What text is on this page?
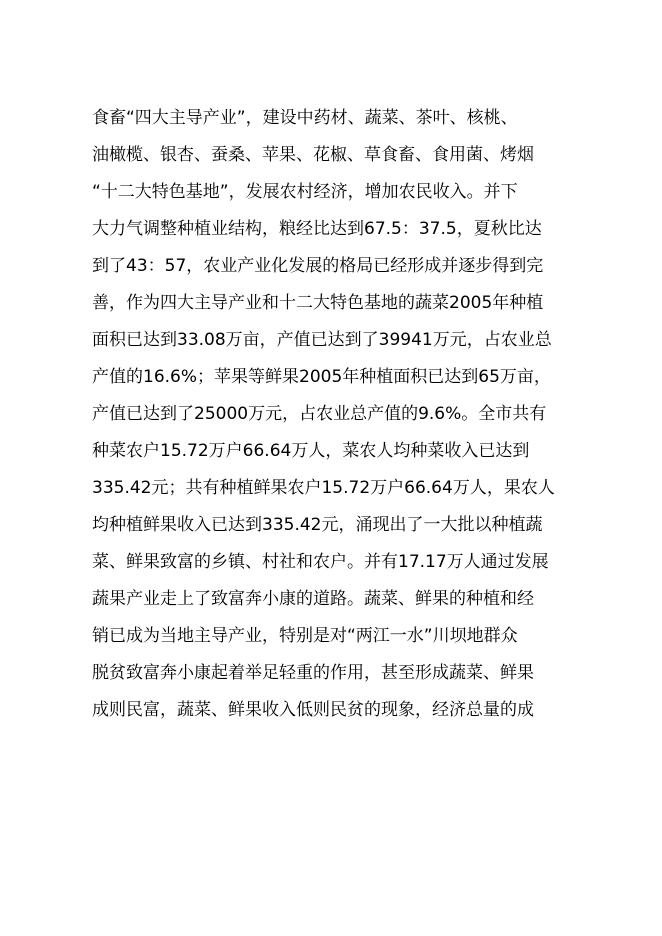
食畜“四大主导产业”，建设中药材、蔬菜、茶叶、核桃、
油橄榄、银杏、蚕桑、苹果、花椒、草食畜、食用菌、烤烟
“十二大特色基地”，发展农村经济，增加农民收入。并下
大力气调整种植业结构，粮经比达到67.5：37.5，夏秋比达
到了43：57，农业产业化发展的格局已经形成并逐步得到完
善，作为四大主导产业和十二大特色基地的蔬菜2005年种植
面积已达到33.08万亩，产值已达到了39941万元，占农业总
产值的16.6%；苹果等鲜果2005年种植面积已达到65万亩，
产值已达到了25000万元，占农业总产值的9.6%。全市共有
种菜农户15.72万户66.64万人，菜农人均种菜收入已达到
335.42元；共有种植鲜果农户15.72万户66.64万人，果农人
均种植鲜果收入已达到335.42元，涌现出了一大批以种植蔬
菜、鲜果致富的乡镇、村社和农户。并有17.17万人通过发展
蔬果产业走上了致富奔小康的道路。蔬菜、鲜果的种植和经
销已成为当地主导产业，特别是对“两江一水”川坝地群众
脱贫致富奔小康起着举足轻重的作用，甚至形成蔬菜、鲜果
成则民富，蔬菜、鲜果收入低则民贫的现象，经济总量的成
